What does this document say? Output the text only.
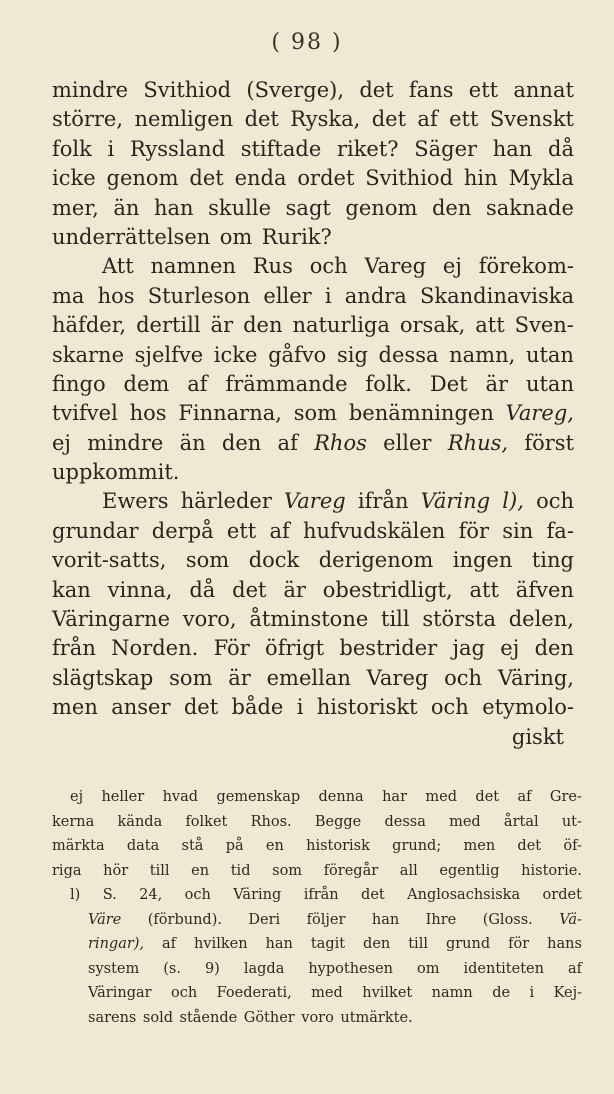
( 98 )
mindre Svithiod (Sverge), det fans ett annat
större, nemligen det Ryska, det af ett Svenskt
folk i Ryssland stiftade riket? Säger han då
icke genom det enda ordet Svithiod hin Mykla
mer, än han skulle sagt genom den saknade
underrättelsen om Rurik?
Att namnen Rus och Vareg ej förekom-
ma hos Sturleson eller i andra Skandinaviska
häfder, dertill är den naturliga orsak, att Sven-
skarne sjelfve icke gåfvo sig dessa namn, utan
fingo dem af främmande folk. Det är utan
tvifvel hos Finnarna, som benämningen Vareg,
ej mindre än den af Rhos eller Rhus, först
uppkommit.
Ewers härleder Vareg ifrån Väring l), och
grundar derpå ett af hufvudskälen för sin fa-
vorit-satts, som dock derigenom ingen ting
kan vinna, då det är obestridligt, att äfven
Väringarne voro, åtminstone till största delen,
från Norden. För öfrigt bestrider jag ej den
slägtskap som är emellan Vareg och Väring,
men anser det både i historiskt och etymolo-
giskt
ej heller hvad gemenskap denna har med det af Gre-
kerna kända folket Rhos. Begge dessa med årtal ut-
märkta data stå på en historisk grund; men det öf-
riga hör till en tid som föregår all egentlig historie.
l) S. 24, och Väring ifrån det Anglosachsiska ordet
Väre (förbund). Deri följer han Ihre (Gloss. Vä-
ringar), af hvilken han tagit den till grund för hans
system (s. 9) lagda hypothesen om identiteten af
Väringar och Foederati, med hvilket namn de i Kej-
sarens sold stående Göther voro utmärkte.
